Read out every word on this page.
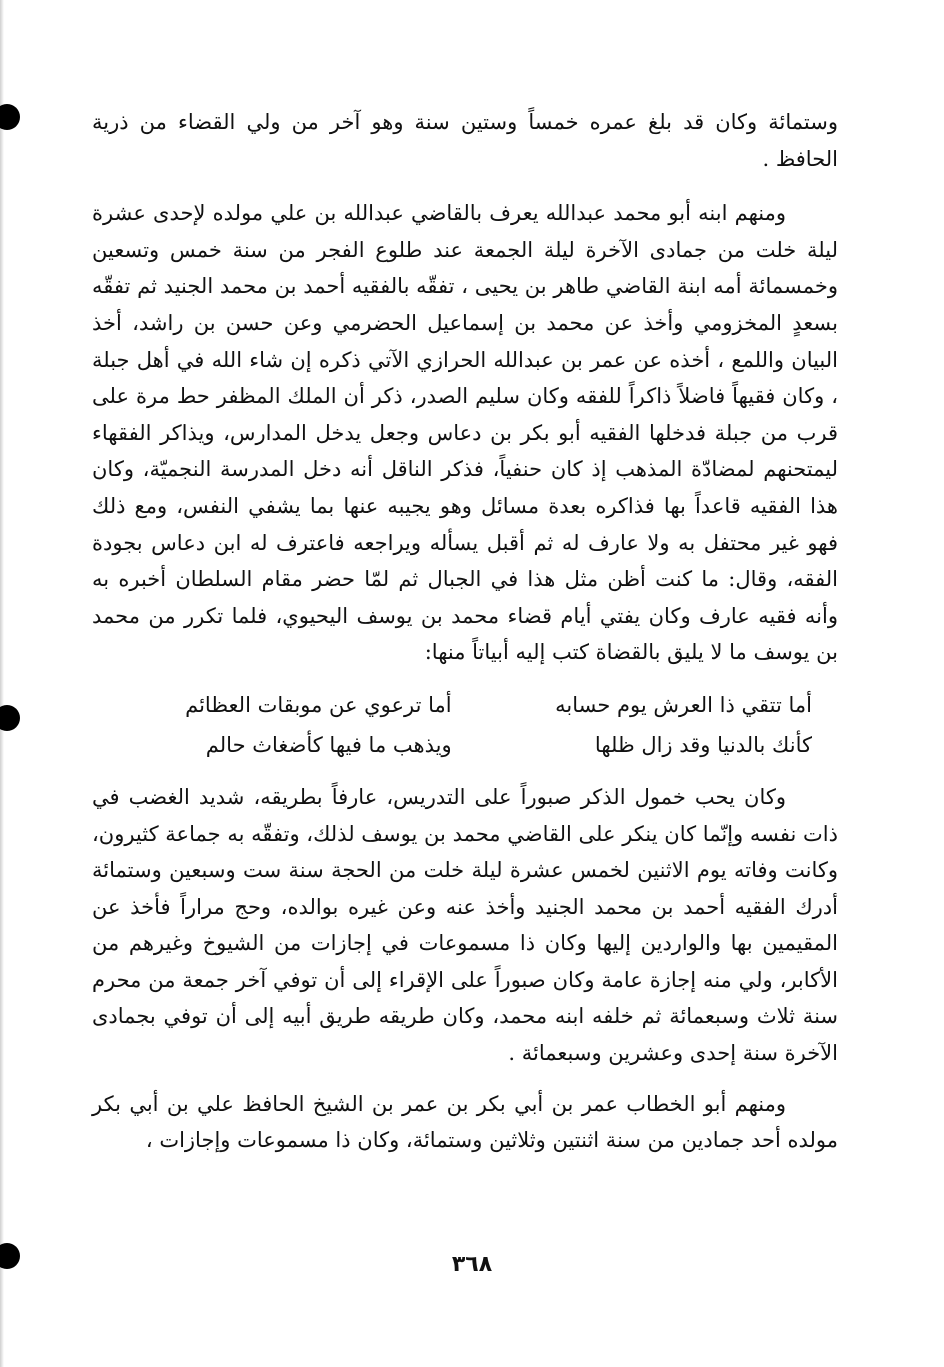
وستمائة وكان قد بلغ عمره خمساً وستين سنة وهو آخر من ولي القضاء من ذرية الحافظ .

ومنهم ابنه أبو محمد عبدالله يعرف بالقاضي عبدالله بن علي مولده لإحدى عشرة ليلة خلت من جمادى الآخرة ليلة الجمعة عند طلوع الفجر من سنة خمس وتسعين وخمسمائة أمه ابنة القاضي طاهر بن يحيى ، تفقّه بالفقيه أحمد بن محمد الجنيد ثم تفقّه بسعدٍ المخزومي وأخذ عن محمد بن إسماعيل الحضرمي وعن حسن بن راشد، أخذ البيان واللمع ، أخذه عن عمر بن عبدالله الحرازي الآتي ذكره إن شاء الله في أهل جبلة ، وكان فقيهاً فاضلاً ذاكراً للفقه وكان سليم الصدر، ذكر أن الملك المظفر حط مرة على قرب من جبلة فدخلها الفقيه أبو بكر بن دعاس وجعل يدخل المدارس، ويذاكر الفقهاء ليمتحنهم لمضادّة المذهب إذ كان حنفياً، فذكر الناقل أنه دخل المدرسة النجميّة، وكان هذا الفقيه قاعداً بها فذاكره بعدة مسائل وهو يجيبه عنها بما يشفي النفس، ومع ذلك فهو غير محتفل به ولا عارف له ثم أقبل يسأله ويراجعه فاعترف له ابن دعاس بجودة الفقه، وقال: ما كنت أظن مثل هذا في الجبال ثم لمّا حضر مقام السلطان أخبره به وأنه فقيه عارف وكان يفتي أيام قضاء محمد بن يوسف اليحيوي، فلما تكرر من محمد بن يوسف ما لا يليق بالقضاة كتب إليه أبياتاً منها:

أما تتقي ذا العرش يوم حسابه
أما ترعوي عن موبقات العظائم
كأنك بالدنيا وقد زال ظلها
ويذهب ما فيها كأضغاث حالم

وكان يحب خمول الذكر صبوراً على التدريس، عارفاً بطريقه، شديد الغضب في ذات نفسه وإنّما كان ينكر على القاضي محمد بن يوسف لذلك، وتفقّه به جماعة كثيرون، وكانت وفاته يوم الاثنين لخمس عشرة ليلة خلت من الحجة سنة ست وسبعين وستمائة أدرك الفقيه أحمد بن محمد الجنيد وأخذ عنه وعن غيره بوالده، وحج مراراً فأخذ عن المقيمين بها والواردين إليها وكان ذا مسموعات في إجازات من الشيوخ وغيرهم من الأكابر، ولي منه إجازة عامة وكان صبوراً على الإقراء إلى أن توفي آخر جمعة من محرم سنة ثلاث وسبعمائة ثم خلفه ابنه محمد، وكان طريقه طريق أبيه إلى أن توفي بجمادى الآخرة سنة إحدى وعشرين وسبعمائة .

ومنهم أبو الخطاب عمر بن أبي بكر بن عمر بن الشيخ الحافظ علي بن أبي بكر مولده أحد جمادين من سنة اثنتين وثلاثين وستمائة، وكان ذا مسموعات وإجازات ،

٣٦٨
